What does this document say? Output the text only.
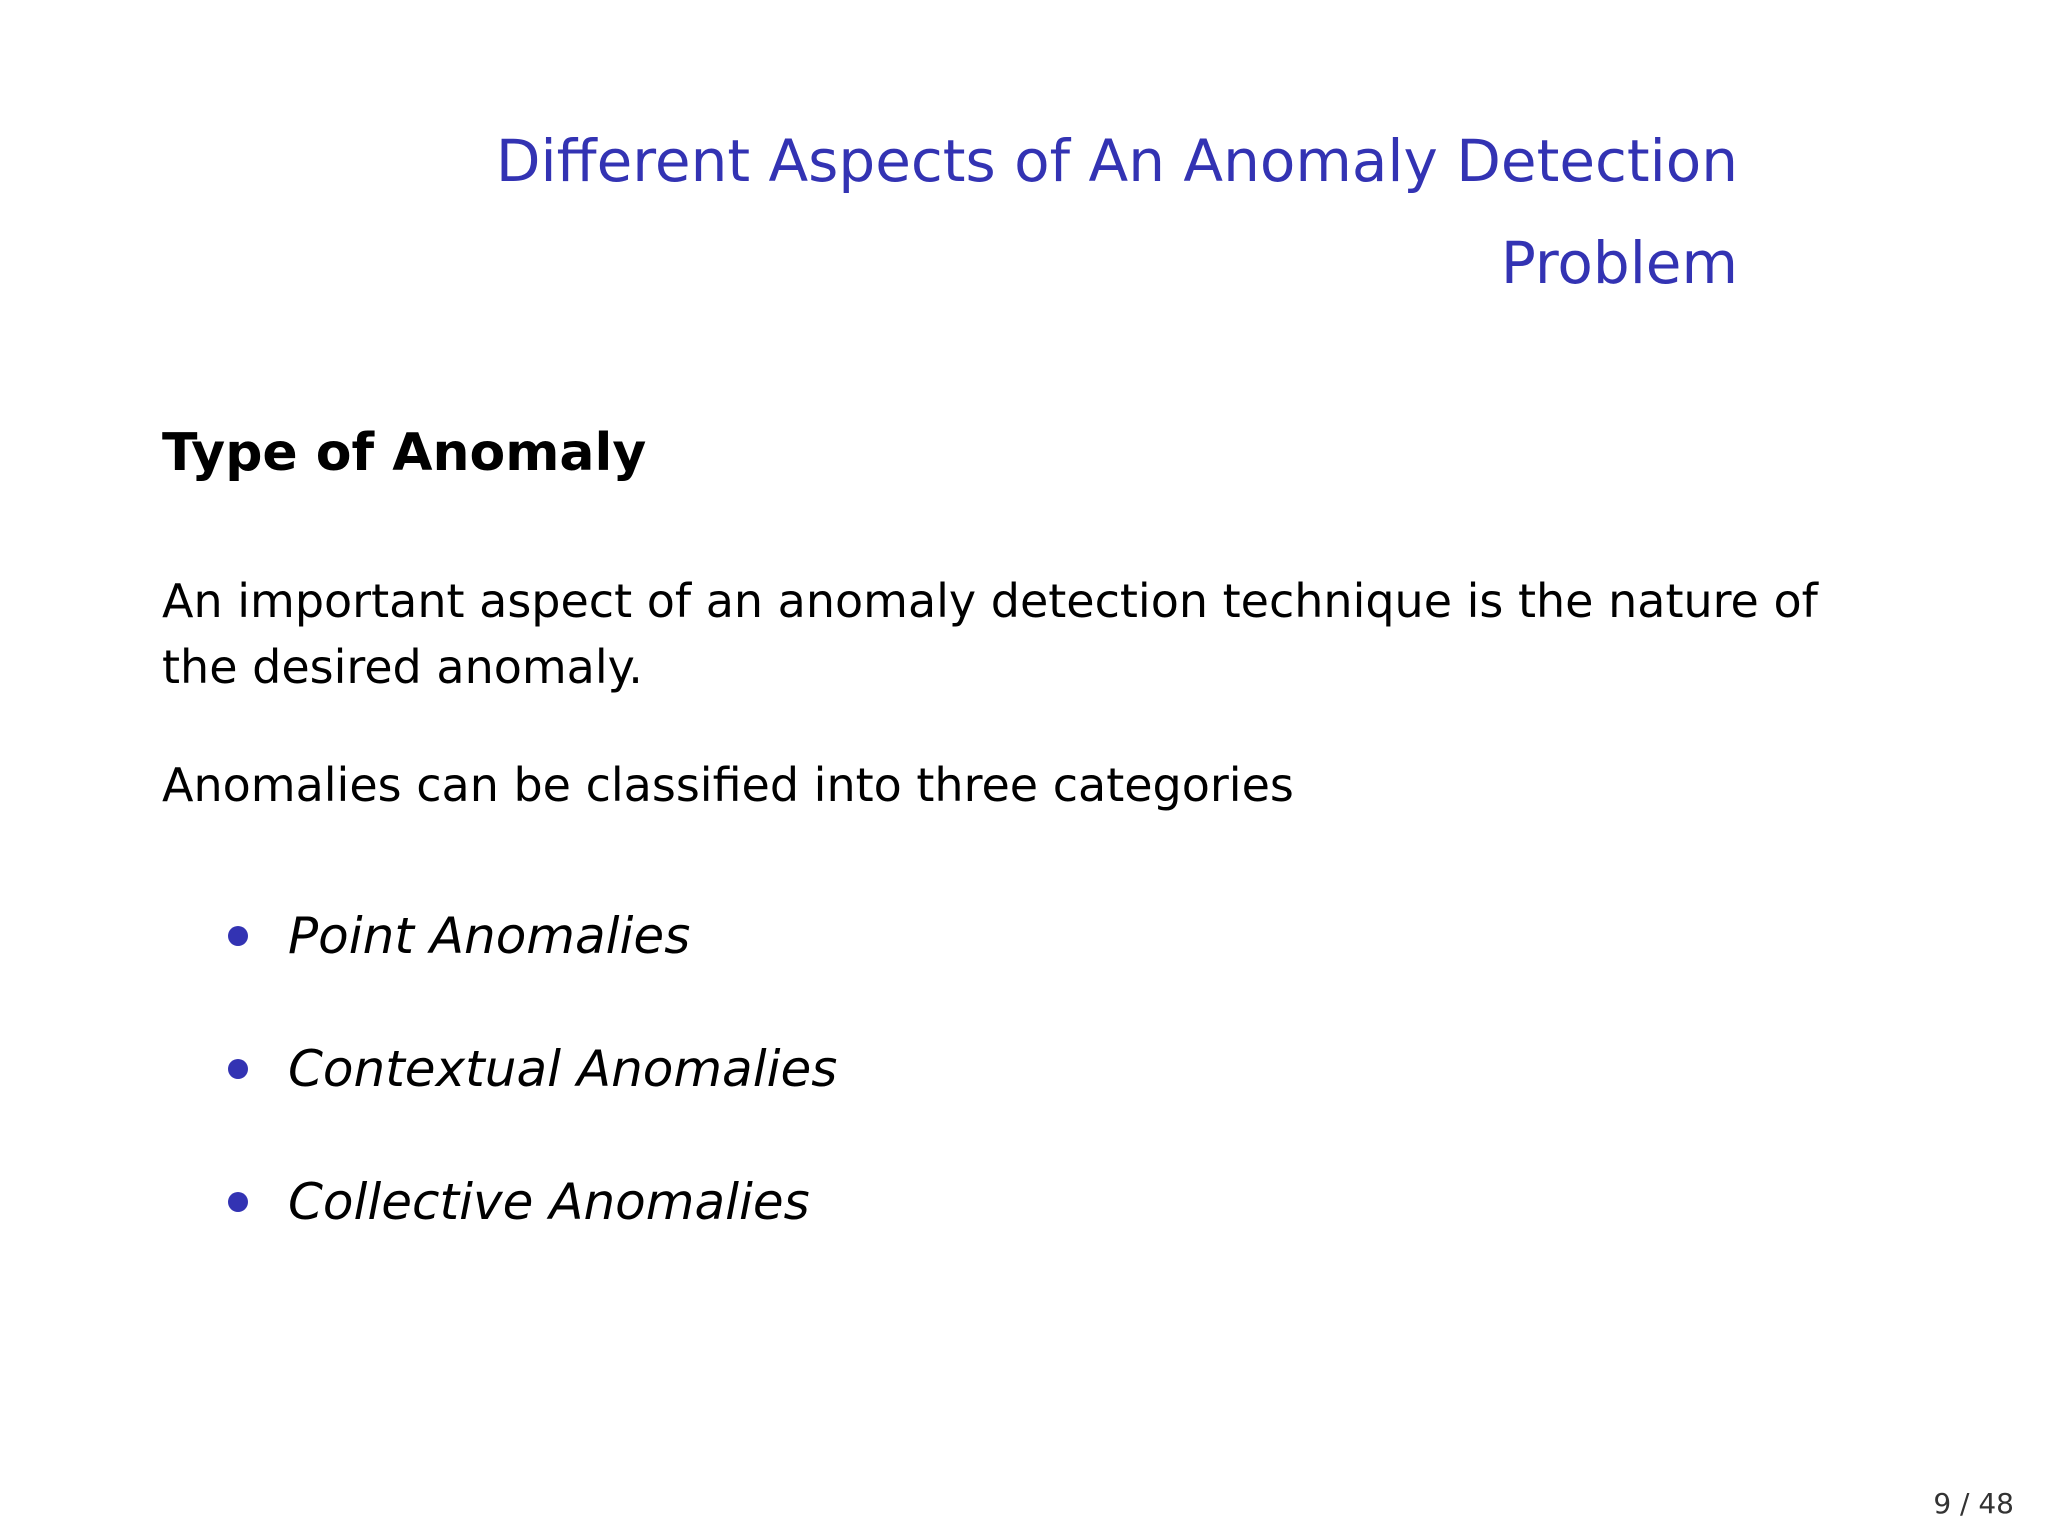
Different Aspects of An Anomaly Detection
Problem
Type of Anomaly
An important aspect of an anomaly detection technique is the nature of the desired anomaly.
Anomalies can be classified into three categories
Point Anomalies
Contextual Anomalies
Collective Anomalies
9 / 48
